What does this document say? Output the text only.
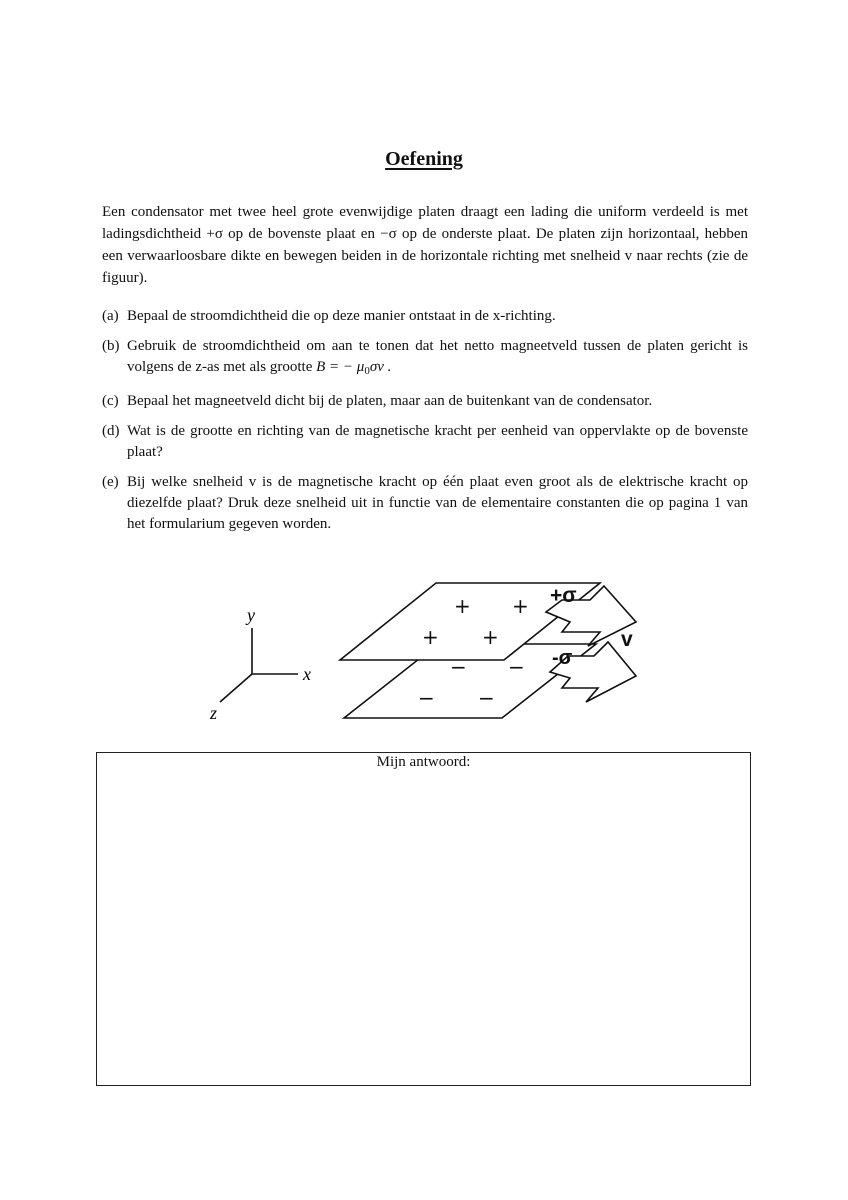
Oefening

Een condensator met twee heel grote evenwijdige platen draagt een lading die uniform verdeeld is met ladingsdichtheid +σ op de bovenste plaat en −σ op de onderste plaat. De platen zijn horizontaal, hebben een verwaarloosbare dikte en bewegen beiden in de horizontale richting met snelheid v naar rechts (zie de figuur).

(a) Bepaal de stroomdichtheid die op deze manier ontstaat in de x-richting.
(b) Gebruik de stroomdichtheid om aan te tonen dat het netto magneetveld tussen de platen gericht is volgens de z-as met als grootte B = − $\mu_0\sigma v$ .
(c) Bepaal het magneetveld dicht bij de platen, maar aan de buitenkant van de condensator.
(d) Wat is de grootte en richting van de magnetische kracht per eenheid van oppervlakte op de bovenste plaat?
(e) Bij welke snelheid v is de magnetische kracht op één plaat even groot als de elektrische kracht op diezelfde plaat? Druk deze snelheid uit in functie van de elementaire constanten die op pagina 1 van het formularium gegeven worden.
y
x
z
+ +
+ +
− −
− −
+σ
-σ
v
Mijn antwoord:
